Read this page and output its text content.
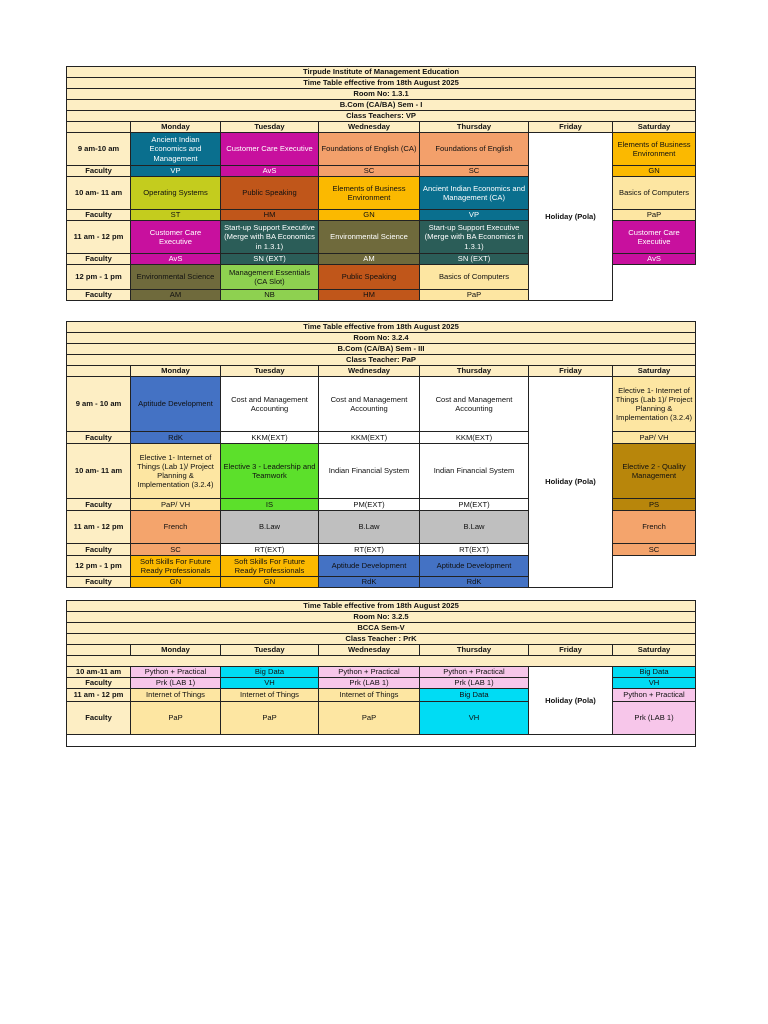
Tirpude Institute of Management Education						
Time Table effective from 18th August 2025						
Room No: 1.3.1						
B.Com (CA/BA) Sem - I						
Class Teachers: VP						
	Monday	Tuesday	Wednesday	Thursday	Friday	Saturday
9 am-10 am	Ancient Indian Economics and Management	Customer Care Executive	Foundations of English (CA)	Foundations of English	Holiday (Pola)	Elements of Business Environment
Faculty	VP	AvS	SC	SC		GN
10 am- 11 am	Operating Systems	Public Speaking	Elements of Business Environment	Ancient Indian Economics and Management (CA)		Basics of Computers
Faculty	ST	HM	GN	VP		PaP
11 am - 12 pm	Customer Care Executive	Start-up Support Executive (Merge with BA Economics in 1.3.1)	Environmental Science	Start-up Support Executive (Merge with BA Economics in 1.3.1)		Customer Care Executive
Faculty	AvS	SN (EXT)	AM	SN (EXT)		AvS
12 pm - 1 pm	Environmental Science	Management Essentials (CA Slot)	Public Speaking	Basics of Computers		
Faculty	AM	NB	HM	PaP		
Time Table effective from 18th August 2025						
Room No: 3.2.4						
B.Com (CA/BA) Sem - III						
Class Teacher: PaP						
	Monday	Tuesday	Wednesday	Thursday	Friday	Saturday
9 am - 10 am	Aptitude Development	Cost and Management Accounting	Cost and Management Accounting	Cost and Management Accounting	Holiday (Pola)	Elective 1- Internet of Things (Lab 1)/ Project Planning & Implementation (3.2.4)
Faculty	RdK	KKM(EXT)	KKM(EXT)	KKM(EXT)		PaP/ VH
10 am- 11 am	Elective 1- Internet of Things (Lab 1)/ Project Planning & Implementation (3.2.4)	Elective 3 - Leadership and Teamwork	Indian Financial System	Indian Financial System		Elective 2 - Quality Management
Faculty	PaP/ VH	IS	PM(EXT)	PM(EXT)		PS
11 am - 12 pm	French	B.Law	B.Law	B.Law		French
Faculty	SC	RT(EXT)	RT(EXT)	RT(EXT)		SC
12 pm - 1 pm	Soft Skills For Future Ready Professionals	Soft Skills For Future Ready Professionals	Aptitude Development	Aptitude Development		
Faculty	GN	GN	RdK	RdK		
Time Table effective from 18th August 2025						
Room No: 3.2.5						
BCCA Sem-V						
Class Teacher : PrK						
	Monday	Tuesday	Wednesday	Thursday	Friday	Saturday

10 am-11 am	Python + Practical	Big Data	Python + Practical	Python + Practical	Holiday (Pola)	Big Data
Faculty	Prk (LAB 1)	VH	Prk (LAB 1)	Prk (LAB 1)		VH
11 am - 12 pm	Internet of Things	Internet of Things	Internet of Things	Big Data		Python + Practical
Faculty	PaP	PaP	PaP	VH		Prk (LAB 1)
